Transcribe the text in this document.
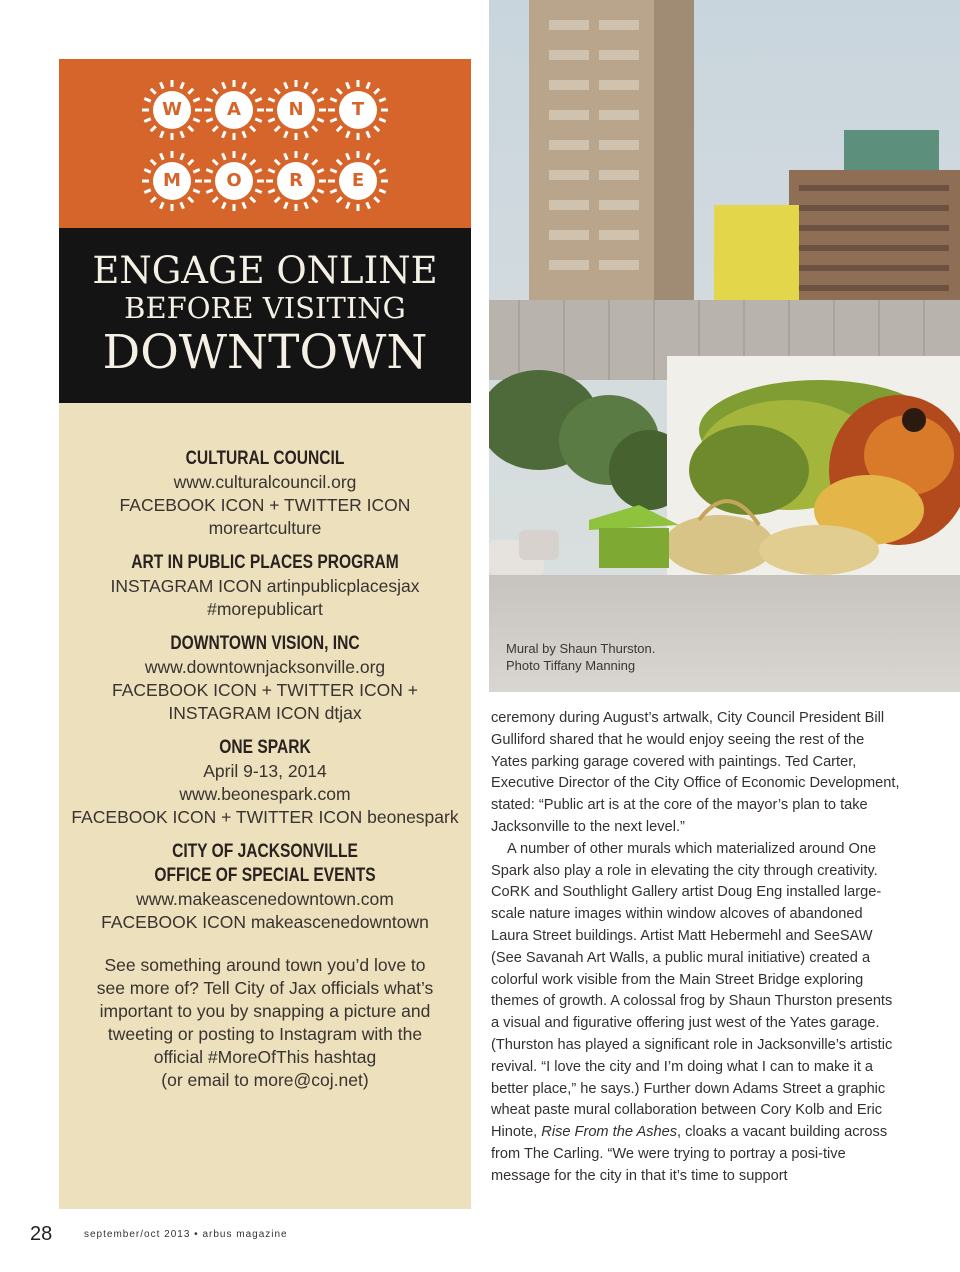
W	A	N	T
M	O	R	E
ENGAGE ONLINE
BEFORE VISITING
DOWNTOWN
CULTURAL COUNCIL
www.culturalcouncil.org
FACEBOOK ICON + TWITTER ICON
moreartculture
ART IN PUBLIC PLACES PROGRAM
INSTAGRAM ICON artinpublicplacesjax
#morepublicart
DOWNTOWN VISION, INC
www.downtownjacksonville.org
FACEBOOK ICON + TWITTER ICON +
INSTAGRAM ICON dtjax
ONE SPARK
April 9-13, 2014
www.beonespark.com
FACEBOOK ICON + TWITTER ICON beonespark
CITY OF JACKSONVILLE
OFFICE OF SPECIAL EVENTS
www.makeascenedowntown.com
FACEBOOK ICON makeascenedowntown
See something around town you’d love to
see more of? Tell City of Jax officials what’s
important to you by snapping a picture and
tweeting or posting to Instagram with the
official #MoreOfThis hashtag
(or email to more@coj.net)
Mural by Shaun Thurston.
Photo Tiffany Manning

ceremony during August’s artwalk, City Council President Bill Gulliford shared that he would enjoy seeing the rest of the Yates parking garage covered with paintings. Ted Carter, Executive Director of the City Office of Economic Development, stated: “Public art is at the core of the mayor’s plan to take Jacksonville to the next level.”

A number of other murals which materialized around One Spark also play a role in elevating the city through creativity. CoRK and Southlight Gallery artist Doug Eng installed large-scale nature images within window alcoves of abandoned Laura Street buildings. Artist Matt Hebermehl and SeeSAW (See Savanah Art Walls, a public mural initiative) created a colorful work visible from the Main Street Bridge exploring themes of growth. A colossal frog by Shaun Thurston presents a visual and figurative offering just west of the Yates garage. (Thurston has played a significant role in Jacksonville’s artistic revival. “I love the city and I’m doing what I can to make it a better place,” he says.) Further down Adams Street a graphic wheat paste mural collaboration between Cory Kolb and Eric Hinote, Rise From the Ashes, cloaks a vacant building across from The Carling. “We were trying to portray a posi-tive message for the city in that it’s time to support

28	september/oct 2013 • arbus magazine
